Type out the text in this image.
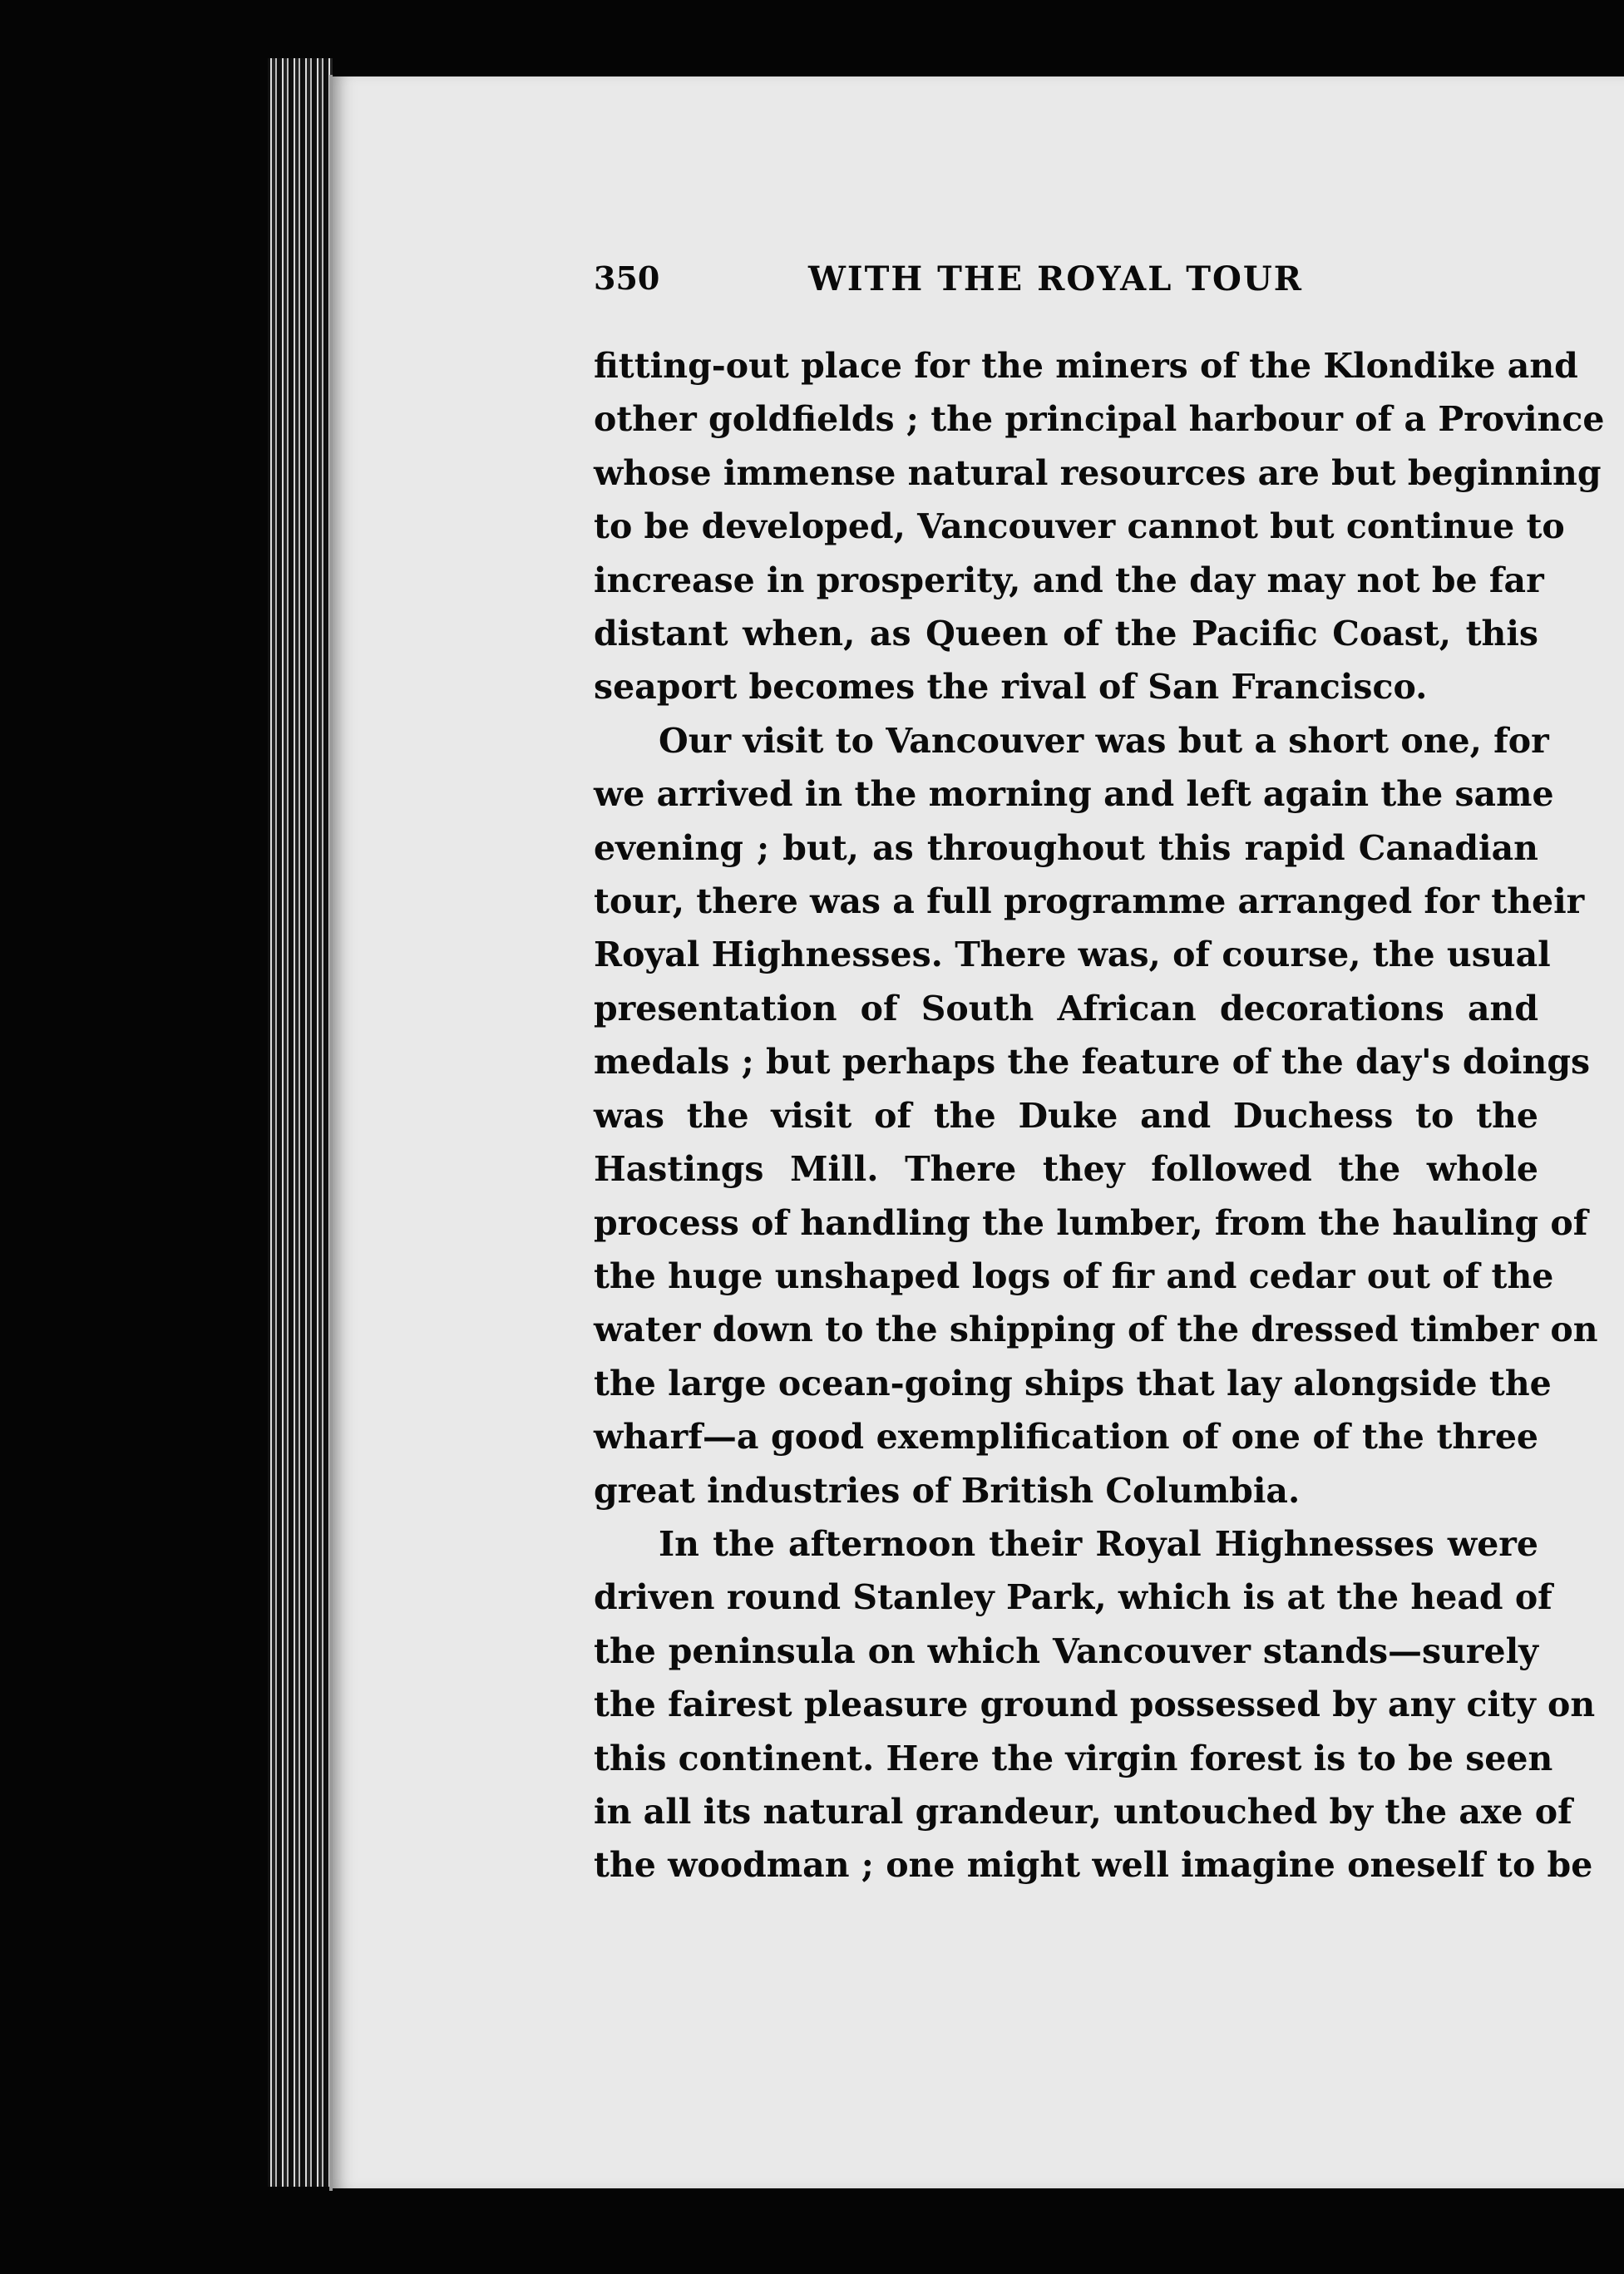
350	WITH THE ROYAL TOUR
fitting-out place for the miners of the Klondike and
other goldfields ; the principal harbour of a Province
whose immense natural resources are but beginning
to be developed, Vancouver cannot but continue to
increase in prosperity, and the day may not be far
distant when, as Queen of the Pacific Coast, this
seaport becomes the rival of San Francisco.
Our visit to Vancouver was but a short one, for
we arrived in the morning and left again the same
evening ; but, as throughout this rapid Canadian
tour, there was a full programme arranged for their
Royal Highnesses. There was, of course, the usual
presentation of South African decorations and
medals ; but perhaps the feature of the day's doings
was the visit of the Duke and Duchess to the
Hastings Mill. There they followed the whole
process of handling the lumber, from the hauling of
the huge unshaped logs of fir and cedar out of the
water down to the shipping of the dressed timber on
the large ocean-going ships that lay alongside the
wharf—a good exemplification of one of the three
great industries of British Columbia.
In the afternoon their Royal Highnesses were
driven round Stanley Park, which is at the head of
the peninsula on which Vancouver stands—surely
the fairest pleasure ground possessed by any city on
this continent. Here the virgin forest is to be seen
in all its natural grandeur, untouched by the axe of
the woodman ; one might well imagine oneself to be
